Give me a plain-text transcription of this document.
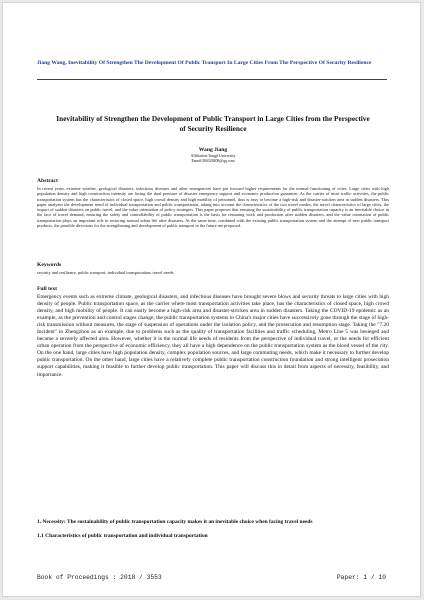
Jiang Wang, Inevitability Of Strengthen The Development Of Public Transport In Large Cities From The Perspective Of Security Resilience
Inevitability of Strengthen the Development of Public Transport in Large Cities from the Perspective of Security Resilience
Wang Jiang
Affiliation:Tongji University
Email:394328408@qq.com
Abstract
In recent years, extreme weather, geological disasters, infectious diseases and other emergencies have put forward higher requirements for the normal functioning of cities. Large cities with high population density and high construction intensity are facing the dual pressure of disaster emergency support and economic production guarantee. As the carrier of most traffic activities, the public transportation system has the characteristics of closed space, high crowd density and high mobility of personnel, thus is easy to become a high-risk and disaster-stricken area in sudden disasters. This paper analyzes the development trend of individual transportation and public transportation, taking into account the characteristics of the two travel modes, the travel characteristics of large cities, the impact of sudden disasters on public travel, and the value orientation of policy strategies. This paper proposes that ensuring the sustainability of public transportation capacity is an inevitable choice in the face of travel demand; ensuring the safety and controllability of public transportation is the basis for resuming work and production after sudden disasters, and the value orientation of public transportation plays an important role in restoring normal urban life after disasters. At the same time, combined with the existing public transportation system and the attempt of new public transport products, the possible directions for the strengthening and development of public transport in the future are proposed.
Keywords
security and resilience, public transport, individual transportation, travel needs
Full text
Emergency events such as extreme climate, geological disasters, and infectious diseases have brought severe blows and security threats to large cities with high density of people. Public transportation space, as the carrier where most transportation activities take place, has the characteristics of closed space, high crowd density, and high mobility of people. It can easily become a high-risk area and disaster-stricken area in sudden disasters. Taking the COVID-19 epidemic as an example, as the prevention and control stages change, the public transportation systems in China's major cities have successively gone through the stage of high-risk transmission without measures, the stage of suspension of operations under the isolation policy, and the prosecution and resumption stage. Taking the "7.20 Incident" in Zhengzhou as an example, due to problems such as the quality of transportation facilities and traffic scheduling, Metro Line 5 was besieged and became a severely affected area. However, whether it is the normal life needs of residents from the perspective of individual travel, or the needs for efficient urban operation from the perspective of economic efficiency, they all have a high dependence on the public transportation system as the blood vessel of the city. On the one hand, large cities have high population density, complex population sources, and large commuting needs, which make it necessary to further develop public transportation. On the other hand, large cities have a relatively complete public transportation construction foundation and strong intelligent prosecution support capabilities, making it feasible to further develop public transportation. This paper will discuss this in detail from aspects of necessity, feasibility, and importance.
1. Necessity: The sustainability of public transportation capacity makes it an inevitable choice when facing travel needs
1.1 Characteristics of public transportation and individual transportation
Book of Proceedings : 2018 / 3553	Paper: 1 / 10
